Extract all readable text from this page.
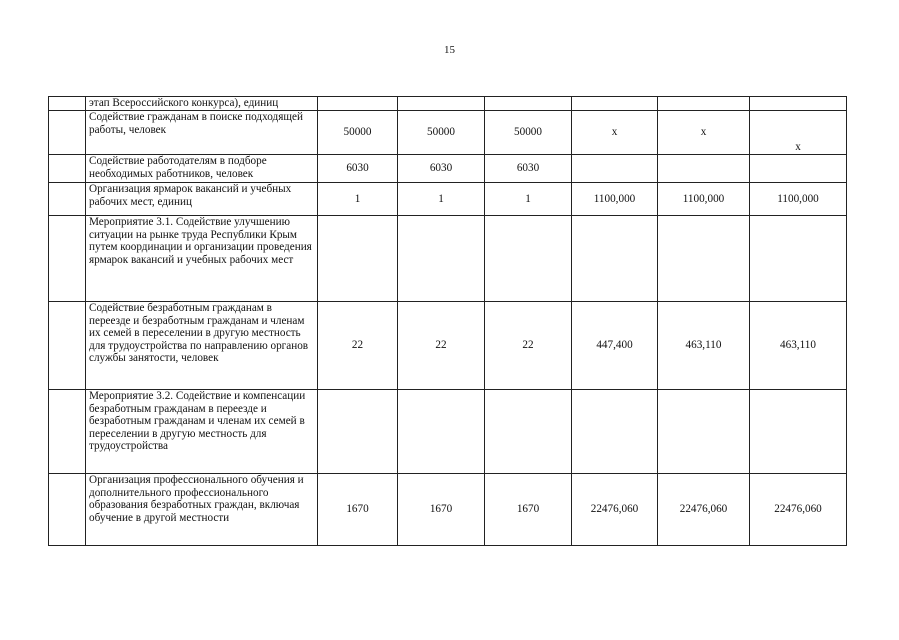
15
	этап Всероссийского конкурса), единиц						
	Содействие гражданам в поиске подходящей работы, человек	50000	50000	50000	x	x	x
	Содействие работодателям в подборе необходимых работников, человек	6030	6030	6030			
	Организация ярмарок вакансий и учебных рабочих мест, единиц	1	1	1	1100,000	1100,000	1100,000
	Мероприятие 3.1. Содействие улучшению ситуации на рынке труда Республики Крым путем координации и организации проведения ярмарок вакансий и учебных рабочих мест						
	Содействие безработным гражданам в переезде и безработным гражданам и членам их семей в переселении в другую местность для трудоустройства по направлению органов службы занятости, человек	22	22	22	447,400	463,110	463,110
	Мероприятие 3.2. Содействие и компенсации безработным гражданам в переезде и безработным гражданам и членам их семей в переселении в другую местность для трудоустройства						
	Организация профессионального обучения и дополнительного профессионального образования безработных граждан, включая обучение в другой местности	1670	1670	1670	22476,060	22476,060	22476,060
